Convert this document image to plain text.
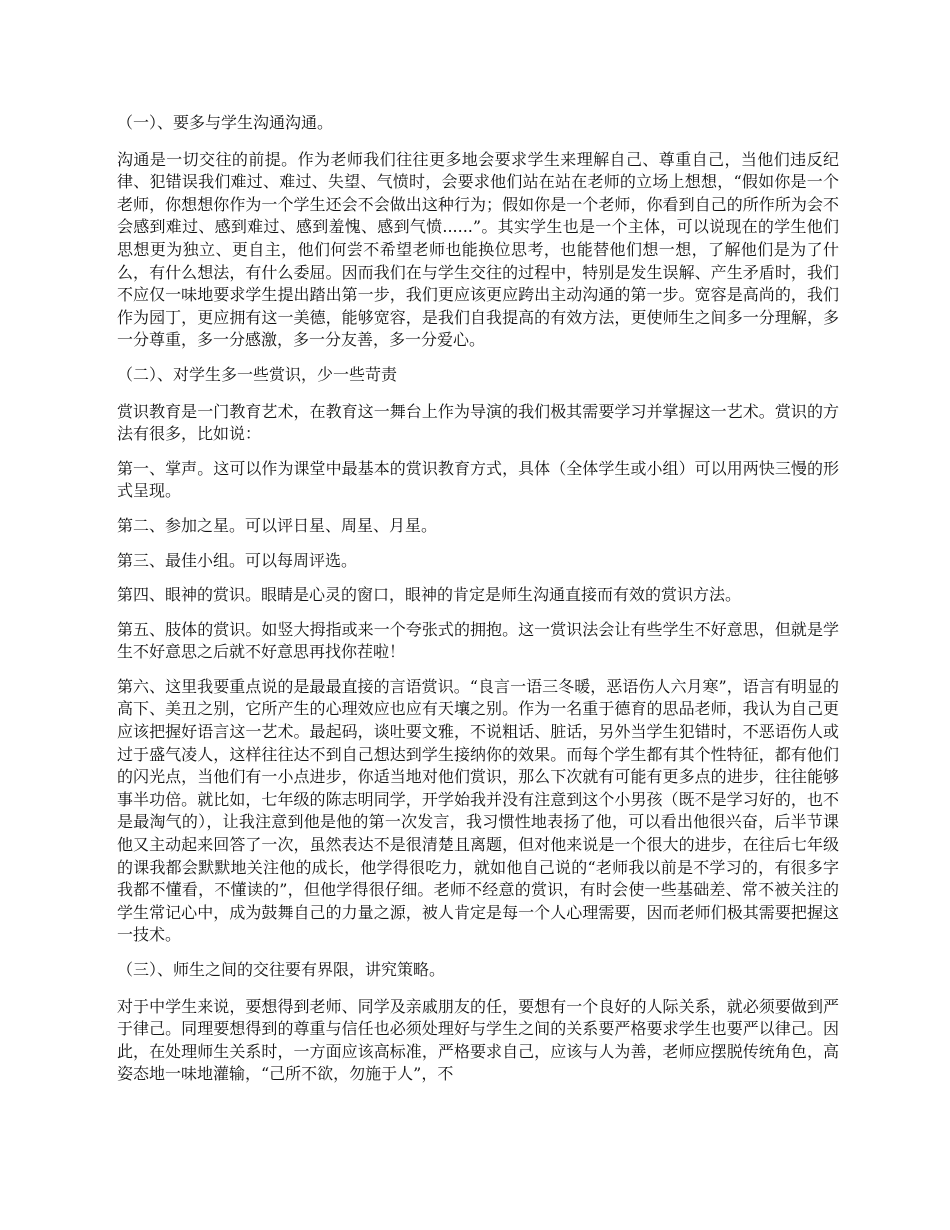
（一）、要多与学生沟通沟通。

沟通是一切交往的前提。作为老师我们往往更多地会要求学生来理解自己、尊重自己，当他们违反纪律、犯错误我们难过、难过、失望、气愤时，会要求他们站在站在老师的立场上想想，“假如你是一个老师，你想想你作为一个学生还会不会做出这种行为；假如你是一个老师，你看到自己的所作所为会不会感到难过、感到难过、感到羞愧、感到气愤......”。其实学生也是一个主体，可以说现在的学生他们思想更为独立、更自主，他们何尝不希望老师也能换位思考，也能替他们想一想，了解他们是为了什么，有什么想法，有什么委屈。因而我们在与学生交往的过程中，特别是发生误解、产生矛盾时，我们不应仅一味地要求学生提出踏出第一步，我们更应该更应跨出主动沟通的第一步。宽容是高尚的，我们作为园丁，更应拥有这一美德，能够宽容，是我们自我提高的有效方法，更使师生之间多一分理解，多一分尊重，多一分感激，多一分友善，多一分爱心。

（二）、对学生多一些赏识，少一些苛责

赏识教育是一门教育艺术，在教育这一舞台上作为导演的我们极其需要学习并掌握这一艺术。赏识的方法有很多，比如说：

第一、掌声。这可以作为课堂中最基本的赏识教育方式，具体（全体学生或小组）可以用两快三慢的形式呈现。

第二、参加之星。可以评日星、周星、月星。

第三、最佳小组。可以每周评选。

第四、眼神的赏识。眼睛是心灵的窗口，眼神的肯定是师生沟通直接而有效的赏识方法。

第五、肢体的赏识。如竖大拇指或来一个夸张式的拥抱。这一赏识法会让有些学生不好意思，但就是学生不好意思之后就不好意思再找你茬啦！

第六、这里我要重点说的是最最直接的言语赏识。“良言一语三冬暖，恶语伤人六月寒”，语言有明显的高下、美丑之别，它所产生的心理效应也应有天壤之别。作为一名重于德育的思品老师，我认为自己更应该把握好语言这一艺术。最起码，谈吐要文雅，不说粗话、脏话，另外当学生犯错时，不恶语伤人或过于盛气凌人，这样往往达不到自己想达到学生接纳你的效果。而每个学生都有其个性特征，都有他们的闪光点，当他们有一小点进步，你适当地对他们赏识，那么下次就有可能有更多点的进步，往往能够事半功倍。就比如，七年级的陈志明同学，开学始我并没有注意到这个小男孩（既不是学习好的，也不是最淘气的），让我注意到他是他的第一次发言，我习惯性地表扬了他，可以看出他很兴奋，后半节课他又主动起来回答了一次，虽然表达不是很清楚且离题，但对他来说是一个很大的进步，在往后七年级的课我都会默默地关注他的成长，他学得很吃力，就如他自己说的“老师我以前是不学习的，有很多字我都不懂看，不懂读的”，但他学得很仔细。老师不经意的赏识，有时会使一些基础差、常不被关注的学生常记心中，成为鼓舞自己的力量之源，被人肯定是每一个人心理需要，因而老师们极其需要把握这一技术。

（三）、师生之间的交往要有界限，讲究策略。

对于中学生来说，要想得到老师、同学及亲戚朋友的任，要想有一个良好的人际关系，就必须要做到严于律己。同理要想得到的尊重与信任也必须处理好与学生之间的关系要严格要求学生也要严以律己。因此，在处理师生关系时，一方面应该高标准，严格要求自己，应该与人为善，老师应摆脱传统角色，高姿态地一味地灌输，“己所不欲，勿施于人”，不
